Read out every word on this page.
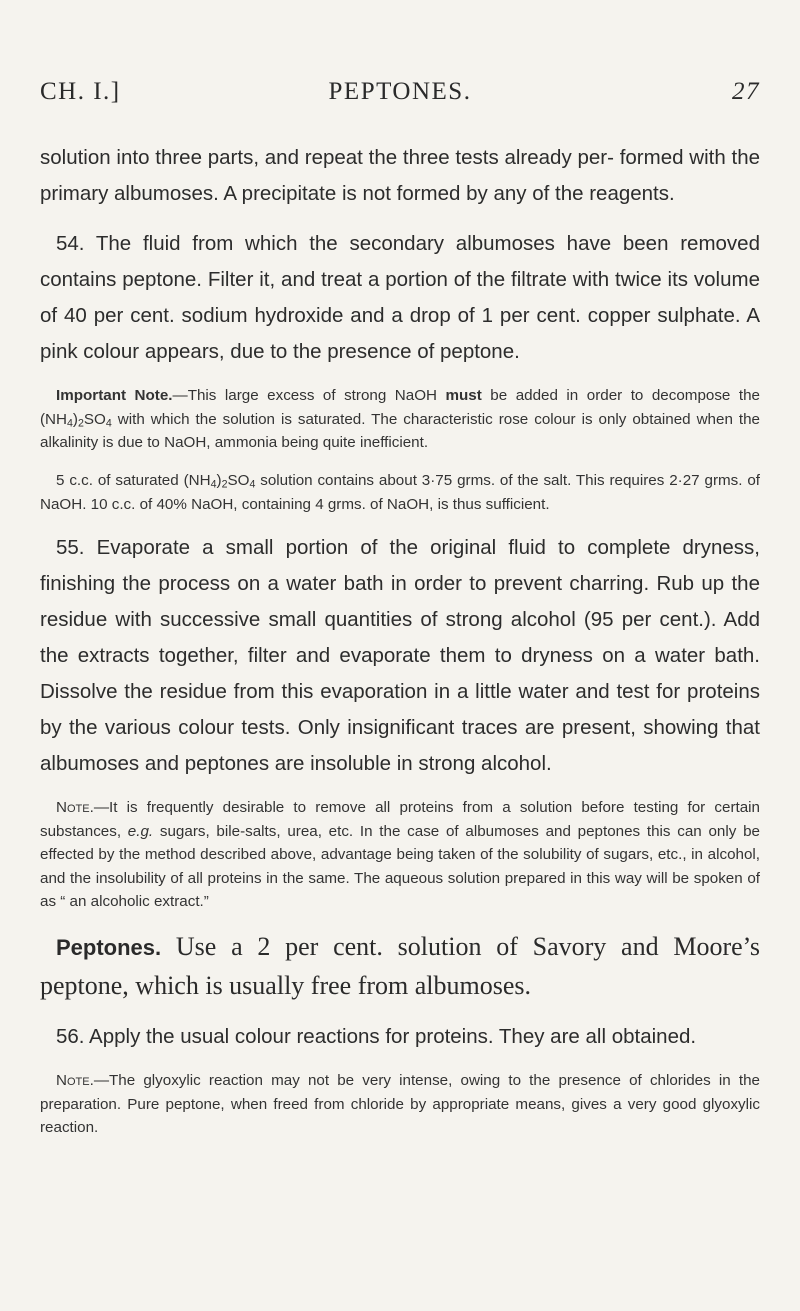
CH. I.]	PEPTONES.	27

solution into three parts, and repeat the three tests already per- formed with the primary albumoses. A precipitate is not formed by any of the reagents.

54. The fluid from which the secondary albumoses have been removed contains peptone. Filter it, and treat a portion of the filtrate with twice its volume of 40 per cent. sodium hydroxide and a drop of 1 per cent. copper sulphate. A pink colour appears, due to the presence of peptone.

Important Note.—This large excess of strong NaOH must be added in order to decompose the $(NH_4)_2SO_4$ with which the solution is saturated. The characteristic rose colour is only obtained when the alkalinity is due to NaOH, ammonia being quite inefficient.

5 c.c. of saturated $(NH_4)_2SO_4$ solution contains about 3·75 grms. of the salt. This requires 2·27 grms. of NaOH. 10 c.c. of 40% NaOH, containing 4 grms. of NaOH, is thus sufficient.

55. Evaporate a small portion of the original fluid to complete dryness, finishing the process on a water bath in order to prevent charring. Rub up the residue with successive small quantities of strong alcohol (95 per cent.). Add the extracts together, filter and evaporate them to dryness on a water bath. Dissolve the residue from this evaporation in a little water and test for proteins by the various colour tests. Only insignificant traces are present, showing that albumoses and peptones are insoluble in strong alcohol.

Note.—It is frequently desirable to remove all proteins from a solution before testing for certain substances, e.g. sugars, bile-salts, urea, etc. In the case of albumoses and peptones this can only be effected by the method described above, advantage being taken of the solubility of sugars, etc., in alcohol, and the insolubility of all proteins in the same. The aqueous solution prepared in this way will be spoken of as “ an alcoholic extract.”

Peptones. Use a 2 per cent. solution of Savory and Moore’s peptone, which is usually free from albumoses.

56. Apply the usual colour reactions for proteins. They are all obtained.

Note.—The glyoxylic reaction may not be very intense, owing to the presence of chlorides in the preparation. Pure peptone, when freed from chloride by appropriate means, gives a very good glyoxylic reaction.
